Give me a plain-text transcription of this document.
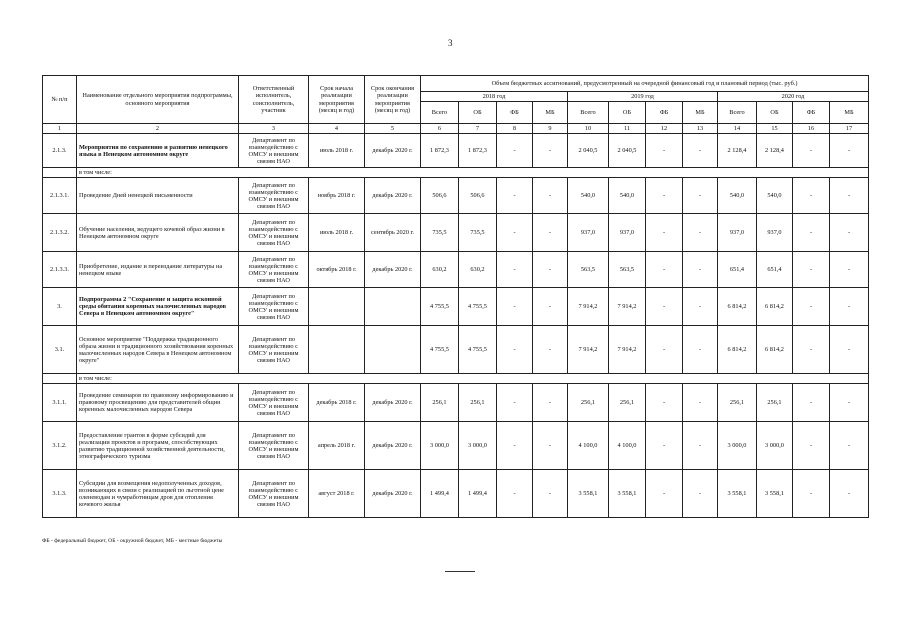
3
№ п/п	Наименование отдельного мероприятия подпрограммы, основного мероприятия	Ответственный исполнитель, соисполнитель, участник	Срок начала реализации мероприятия (месяц и год)	Срок окончания реализации мероприятия (месяц и год)	Объем бюджетных ассигнований, предусмотренный на очередной финансовый год и плановый период (тыс. руб.)											
					2018 год				2019 год				2020 год			
					Всего	ОБ	ФБ	МБ	Всего	ОБ	ФБ	МБ	Всего	ОБ	ФБ	МБ
1	2	3	4	5	6	7	8	9	10	11	12	13	14	15	16	17
2.1.3.	Мероприятия по сохранению и развитию ненецкого языка в Ненецком автономном округе	Департамент по взаимодействию с ОМСУ и внешним связям НАО	июль 2018 г.	декабрь 2020 г.	1 872,3	1 872,3	-	-	2 040,5	2 040,5	-	-	2 128,4	2 128,4	-	-
	в том числе:															
2.1.3.1.	Проведение Дней ненецкой письменности	Департамент по взаимодействию с ОМСУ и внешним связям НАО	ноябрь 2018 г.	декабрь 2020 г.	506,6	506,6	-	-	540,0	540,0	-	-	540,0	540,0	-	-
2.1.3.2.	Обучение населения, ведущего кочевой образ жизни в Ненецком автономном округе	Департамент по взаимодействию с ОМСУ и внешним связям НАО	июль 2018 г.	сентябрь 2020 г.	735,5	735,5	-	-	937,0	937,0	-	-	937,0	937,0	-	-
2.1.3.3.	Приобретение, издание и переиздание литературы на ненецком языке	Департамент по взаимодействию с ОМСУ и внешним связям НАО	октябрь 2018 г.	декабрь 2020 г.	630,2	630,2	-	-	563,5	563,5	-	-	651,4	651,4	-	-
3.	Подпрограмма 2 "Сохранение и защита исконной среды обитания коренных малочисленных народов Севера в Ненецком автономном округе"	Департамент по взаимодействию с ОМСУ и внешним связям НАО			4 755,5	4 755,5	-	-	7 914,2	7 914,2	-	-	6 814,2	6 814,2	-	-
3.1.	Основное мероприятие "Поддержка традиционного образа жизни и традиционного хозяйствования коренных малочисленных народов Севера в Ненецком автономном округе"	Департамент по взаимодействию с ОМСУ и внешним связям НАО			4 755,5	4 755,5	-	-	7 914,2	7 914,2	-	-	6 814,2	6 814,2	-	-
	в том числе:															
3.1.1.	Проведение семинаров по правовому информированию и правовому просвещению для представителей общин коренных малочисленных народов Севера	Департамент по взаимодействию с ОМСУ и внешним связям НАО	декабрь 2018 г.	декабрь 2020 г.	256,1	256,1	-	-	256,1	256,1	-	-	256,1	256,1	-	-
3.1.2.	Предоставление грантов в форме субсидий для реализации проектов и программ, способствующих развитию традиционной хозяйственной деятельности, этнографического туризма	Департамент по взаимодействию с ОМСУ и внешним связям НАО	апрель 2018 г.	декабрь 2020 г.	3 000,0	3 000,0	-	-	4 100,0	4 100,0	-	-	3 000,0	3 000,0	-	-
3.1.3.	Субсидии для возмещения недополученных доходов, возникающих в связи с реализацией по льготной цене оленеводам и чумработницам дров для отопления кочевого жилья	Департамент по взаимодействию с ОМСУ и внешним связям НАО	август 2018 г.	декабрь 2020 г.	1 499,4	1 499,4	-	-	3 558,1	3 558,1	-	-	3 558,1	3 558,1	-	-
ФБ - федеральный бюджет, ОБ - окружной бюджет, МБ - местные бюджеты
